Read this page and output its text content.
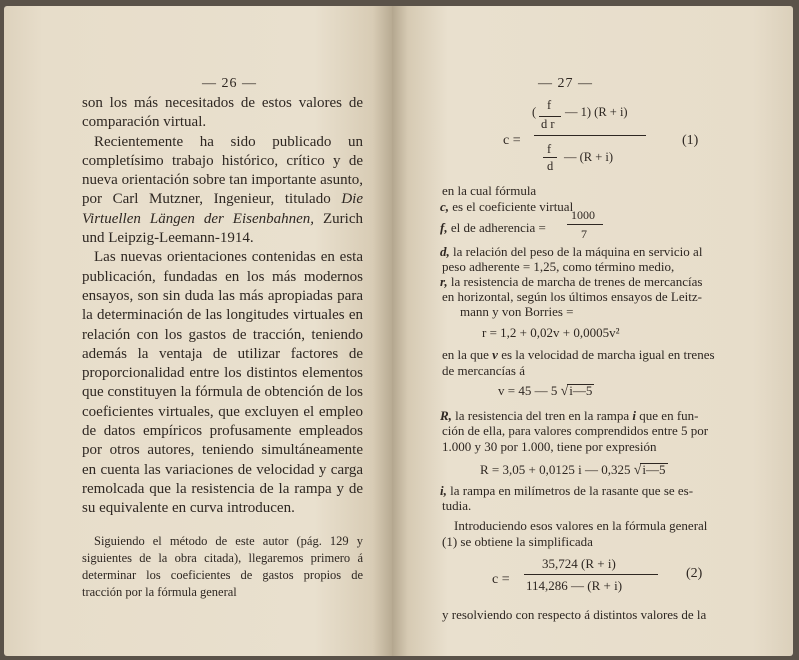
— 26 —

son los más necesitados de estos valores de comparación virtual.

Recientemente ha sido publicado un completísimo trabajo histórico, crítico y de nueva orientación sobre tan importante asunto, por Carl Mutzner, Ingenieur, titulado Die Virtuellen Längen der Eisenbahnen, Zurich und Leipzig-Leemann-1914.

Las nuevas orientaciones contenidas en esta publicación, fundadas en los más modernos ensayos, son sin duda las más apropiadas para la determinación de las longitudes virtuales en relación con los gastos de tracción, teniendo además la ventaja de utilizar factores de proporcionalidad entre los distintos elementos que constituyen la fórmula de obtención de los coeficientes virtuales, que excluyen el empleo de datos empíricos profusamente empleados por otros autores, teniendo simultáneamente en cuenta las variaciones de velocidad y carga remolcada que la resistencia de la rampa y de su equivalente en curva introducen.

Siguiendo el método de este autor (pág. 129 y siguientes de la obra citada), llegaremos primero á determinar los coeficientes de gastos propios de tracción por la fórmula general

— 27 —
c =
( f
d r
— 1) (R + i)
f
d
— (R + i)
(1)
en la cual fórmula
c, es el coeficiente virtual
f, el de adherencia =
1000
7
d, la relación del peso de la máquina en servicio al
peso adherente = 1,25, como término medio,
r, la resistencia de marcha de trenes de mercancías
en horizontal, según los últimos ensayos de Leitz-
mann y von Borries =
r = 1,2 + 0,02v + 0,0005v²
en la que v es la velocidad de marcha igual en trenes
de mercancías á
v = 45 — 5 √i—5
R, la resistencia del tren en la rampa i que en fun-
ción de ella, para valores comprendidos entre 5 por
1.000 y 30 por 1.000, tiene por expresión
R = 3,05 + 0,0125 i — 0,325 √i—5
i, la rampa en milímetros de la rasante que se es-
tudia.
Introduciendo esos valores en la fórmula general
(1) se obtiene la simplificada
c =
35,724 (R + i)
114,286 — (R + i)
(2)
y resolviendo con respecto á distintos valores de la
